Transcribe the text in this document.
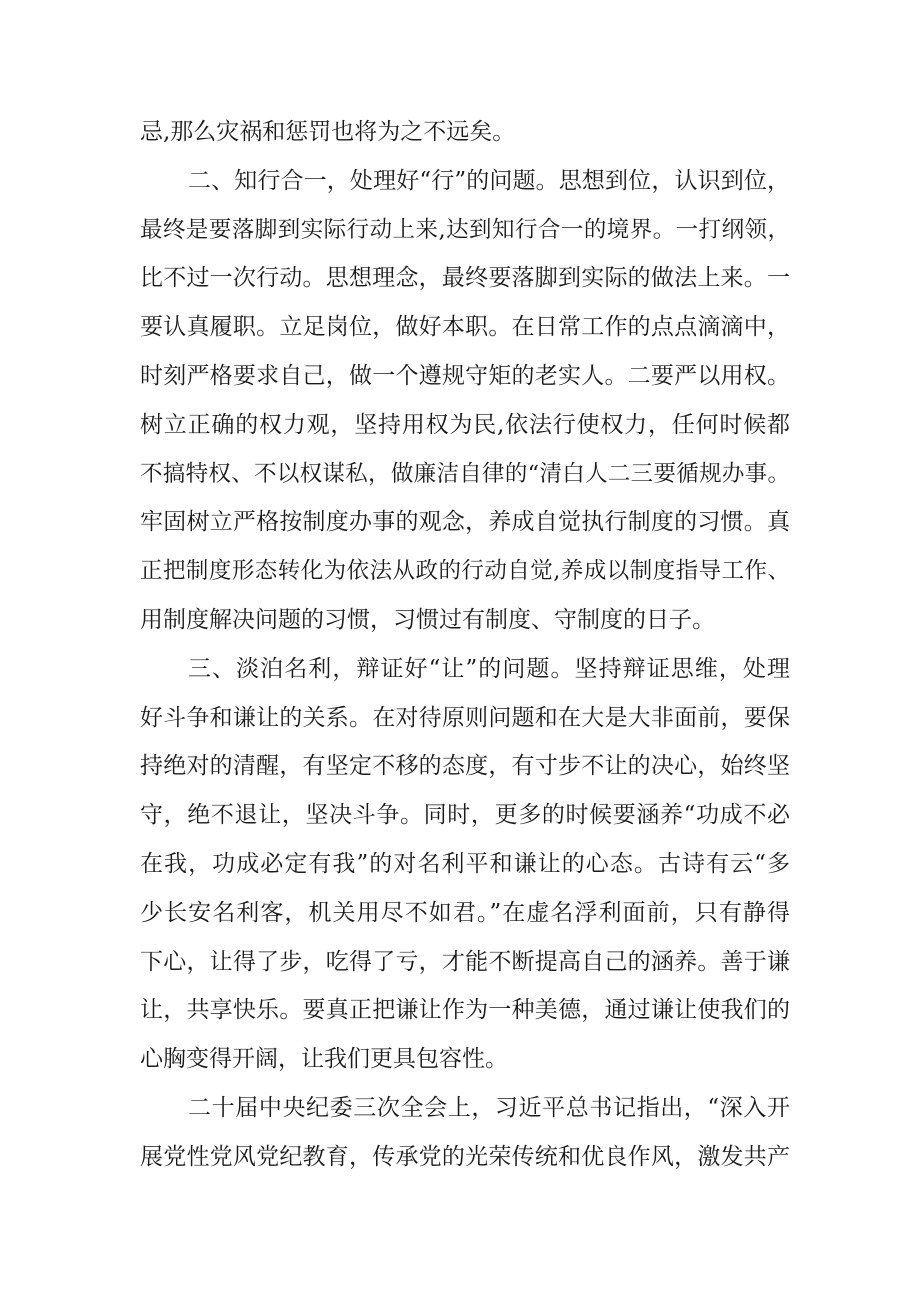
忌,那么灾祸和惩罚也将为之不远矣。
二、知行合一，处理好“行”的问题。思想到位，认识到位，
最终是要落脚到实际行动上来,达到知行合一的境界。一打纲领，
比不过一次行动。思想理念，最终要落脚到实际的做法上来。一
要认真履职。立足岗位，做好本职。在日常工作的点点滴滴中，
时刻严格要求自己，做一个遵规守矩的老实人。二要严以用权。
树立正确的权力观，坚持用权为民,依法行使权力，任何时候都
不搞特权、不以权谋私，做廉洁自律的“清白人二三要循规办事。
牢固树立严格按制度办事的观念，养成自觉执行制度的习惯。真
正把制度形态转化为依法从政的行动自觉,养成以制度指导工作、
用制度解决问题的习惯，习惯过有制度、守制度的日子。
三、淡泊名利，辩证好“让”的问题。坚持辩证思维，处理
好斗争和谦让的关系。在对待原则问题和在大是大非面前，要保
持绝对的清醒，有坚定不移的态度，有寸步不让的决心，始终坚
守，绝不退让，坚决斗争。同时，更多的时候要涵养“功成不必
在我，功成必定有我”的对名利平和谦让的心态。古诗有云“多
少长安名利客，机关用尽不如君。”在虚名浮利面前，只有静得
下心，让得了步，吃得了亏，才能不断提高自己的涵养。善于谦
让，共享快乐。要真正把谦让作为一种美德，通过谦让使我们的
心胸变得开阔，让我们更具包容性。
二十届中央纪委三次全会上，习近平总书记指出，“深入开
展党性党风党纪教育，传承党的光荣传统和优良作风，激发共产
